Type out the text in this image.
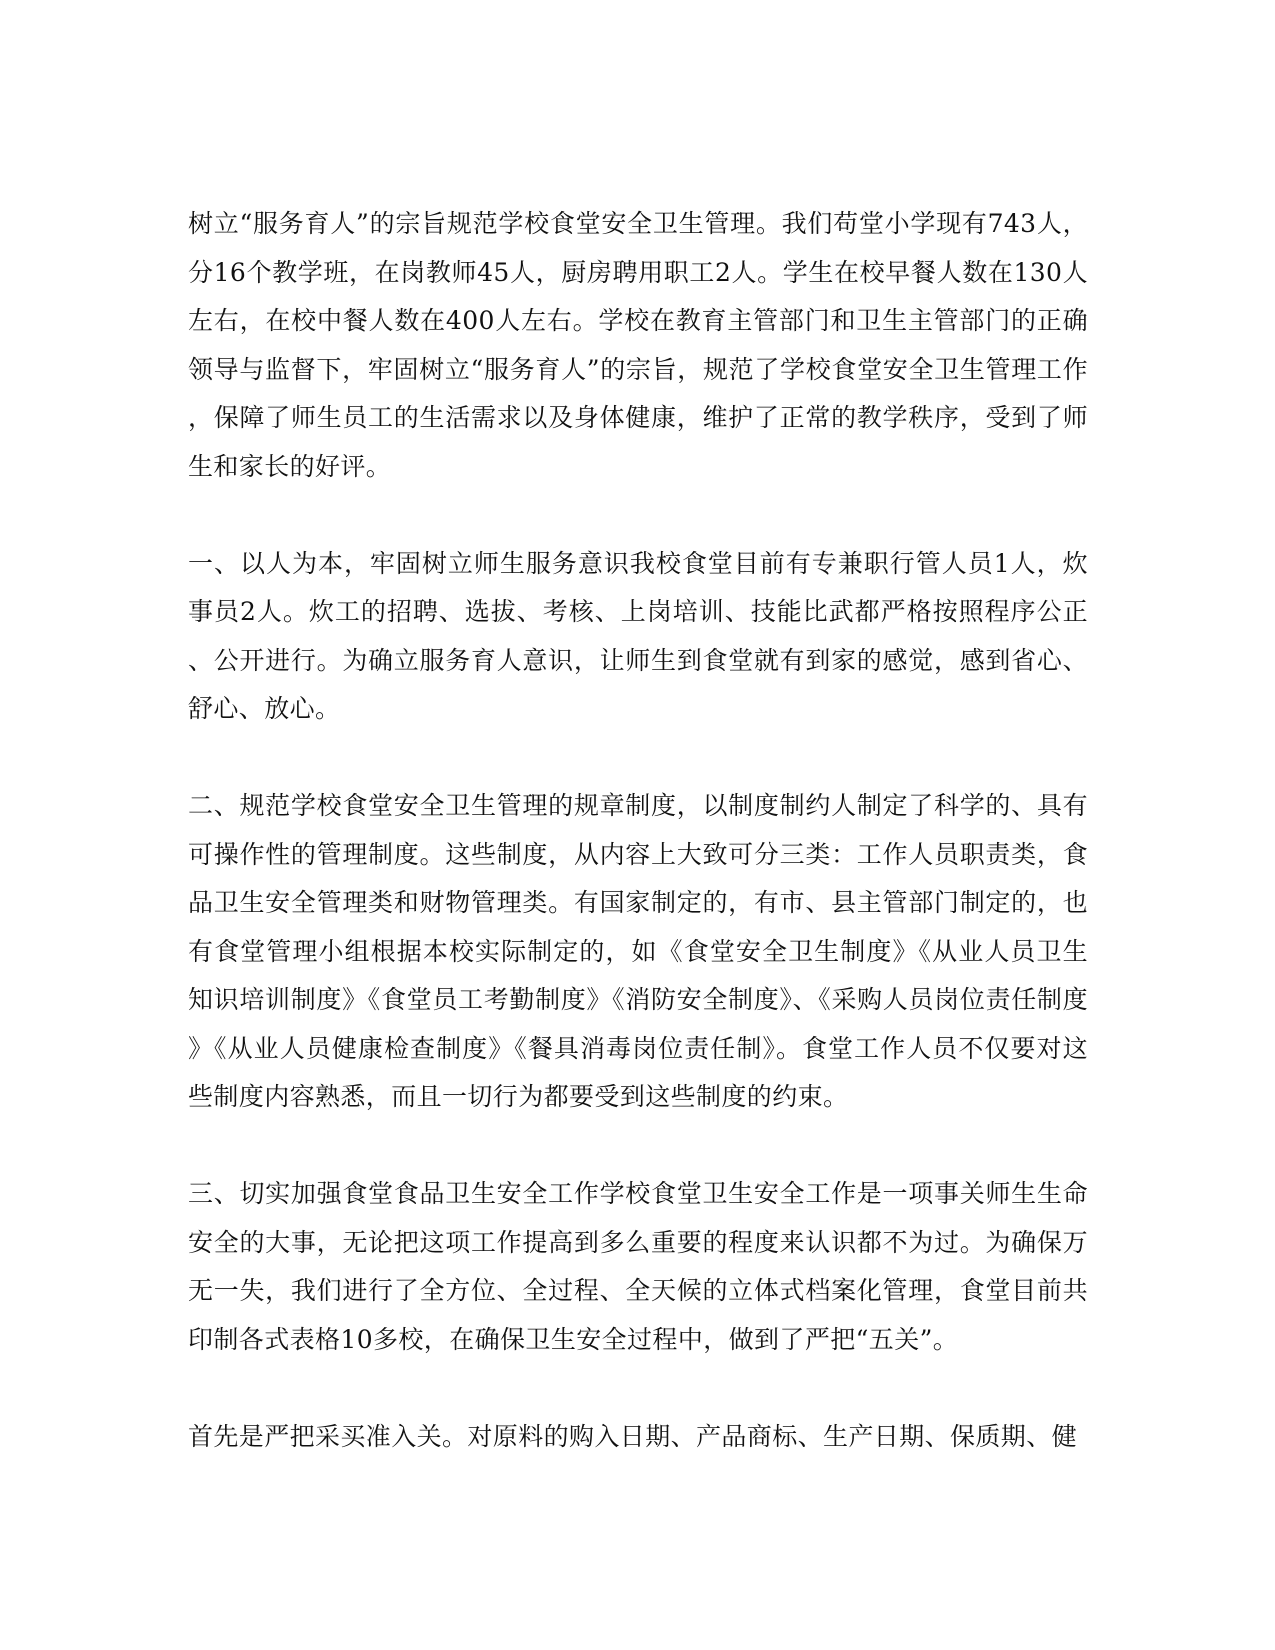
树立“服务育人”的宗旨规范学校食堂安全卫生管理。我们苟堂小学现有743人，分16个教学班，在岗教师45人，厨房聘用职工2人。学生在校早餐人数在130人左右，在校中餐人数在400人左右。学校在教育主管部门和卫生主管部门的正确领导与监督下，牢固树立“服务育人”的宗旨，规范了学校食堂安全卫生管理工作，保障了师生员工的生活需求以及身体健康，维护了正常的教学秩序，受到了师生和家长的好评。

一、以人为本，牢固树立师生服务意识我校食堂目前有专兼职行管人员1人，炊事员2人。炊工的招聘、选拔、考核、上岗培训、技能比武都严格按照程序公正、公开进行。为确立服务育人意识，让师生到食堂就有到家的感觉，感到省心、舒心、放心。

二、规范学校食堂安全卫生管理的规章制度，以制度制约人制定了科学的、具有可操作性的管理制度。这些制度，从内容上大致可分三类：工作人员职责类，食品卫生安全管理类和财物管理类。有国家制定的，有市、县主管部门制定的，也有食堂管理小组根据本校实际制定的，如《食堂安全卫生制度》《从业人员卫生知识培训制度》《食堂员工考勤制度》《消防安全制度》、《采购人员岗位责任制度》《从业人员健康检查制度》《餐具消毒岗位责任制》。食堂工作人员不仅要对这些制度内容熟悉，而且一切行为都要受到这些制度的约束。

三、切实加强食堂食品卫生安全工作学校食堂卫生安全工作是一项事关师生生命安全的大事，无论把这项工作提高到多么重要的程度来认识都不为过。为确保万无一失，我们进行了全方位、全过程、全天候的立体式档案化管理，食堂目前共印制各式表格10多校，在确保卫生安全过程中，做到了严把“五关”。

首先是严把采买准入关。对原料的购入日期、产品商标、生产日期、保质期、健
